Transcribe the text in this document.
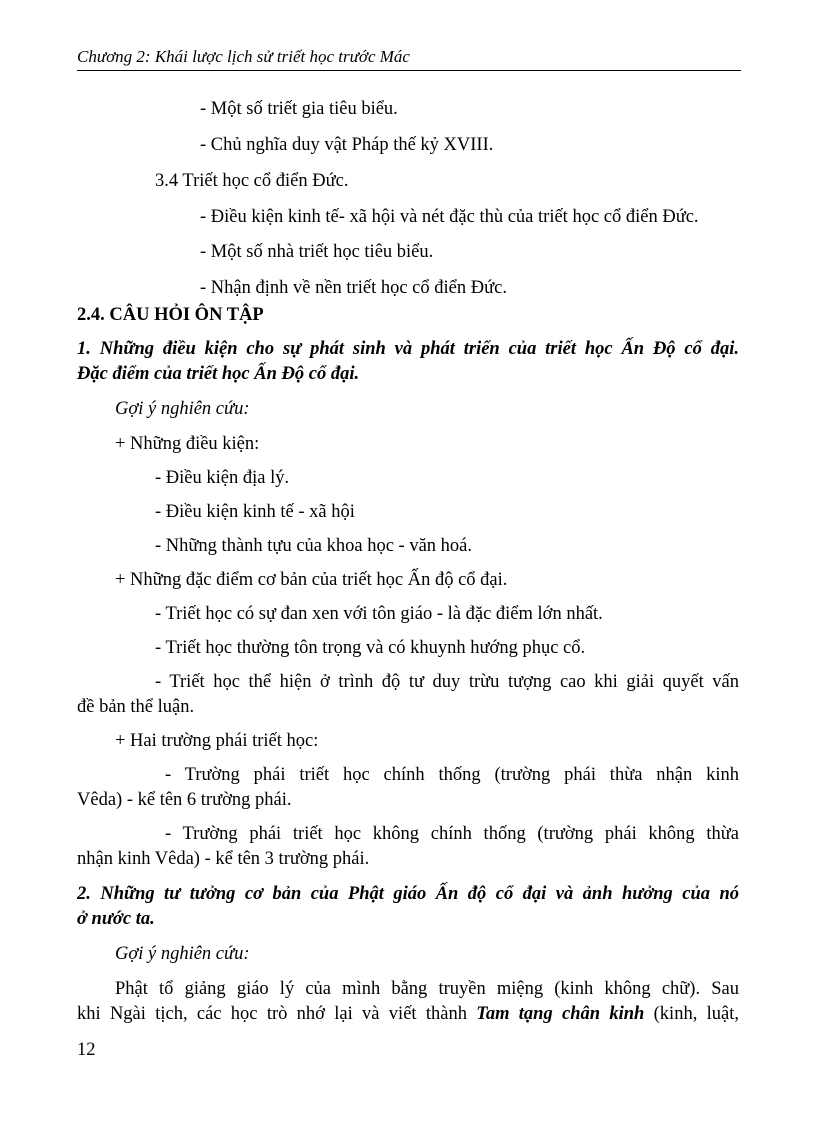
Chương 2: Khái lược lịch sử triết học trước Mác
- Một số triết gia tiêu biểu.
- Chủ nghĩa duy vật Pháp thế kỷ XVIII.
3.4 Triết học cổ điển Đức.
- Điều kiện kinh tế- xã hội và nét đặc thù của triết học cổ điển Đức.
- Một số nhà triết học tiêu biểu.
- Nhận định về nền triết học cổ điển Đức.
2.4. CÂU HỎI ÔN TẬP
1. Những điều kiện cho sự phát sinh và phát triển của triết học Ấn Độ cổ đại.
Đặc điểm của triết học Ấn Độ cổ đại.
Gợi ý nghiên cứu:
+ Những điều kiện:
- Điều kiện địa lý.
- Điều kiện kinh tế - xã hội
- Những thành tựu của khoa học - văn hoá.
+ Những đặc điểm cơ bản của triết học Ấn độ cổ đại.
- Triết học có sự đan xen với tôn giáo - là đặc điểm lớn nhất.
- Triết học thường tôn trọng và có khuynh hướng phục cổ.
- Triết học thể hiện ở trình độ tư duy trừu tượng cao khi giải quyết vấn
đề bản thể luận.
+ Hai trường phái triết học:
- Trường phái triết học chính thống (trường phái thừa nhận kinh
Vêda) - kể tên 6 trường phái.
- Trường phái triết học không chính thống (trường phái không thừa
nhận kinh Vêda) - kể tên 3 trường phái.
2. Những tư tưởng cơ bản của Phật giáo Ấn độ cổ đại và ảnh hưởng của nó
ở nước ta.
Gợi ý nghiên cứu:
Phật tổ giảng giáo lý của mình bằng truyền miệng (kinh không chữ). Sau
khi Ngài tịch, các học trò nhớ lại và viết thành Tam tạng chân kinh (kinh, luật,
12
